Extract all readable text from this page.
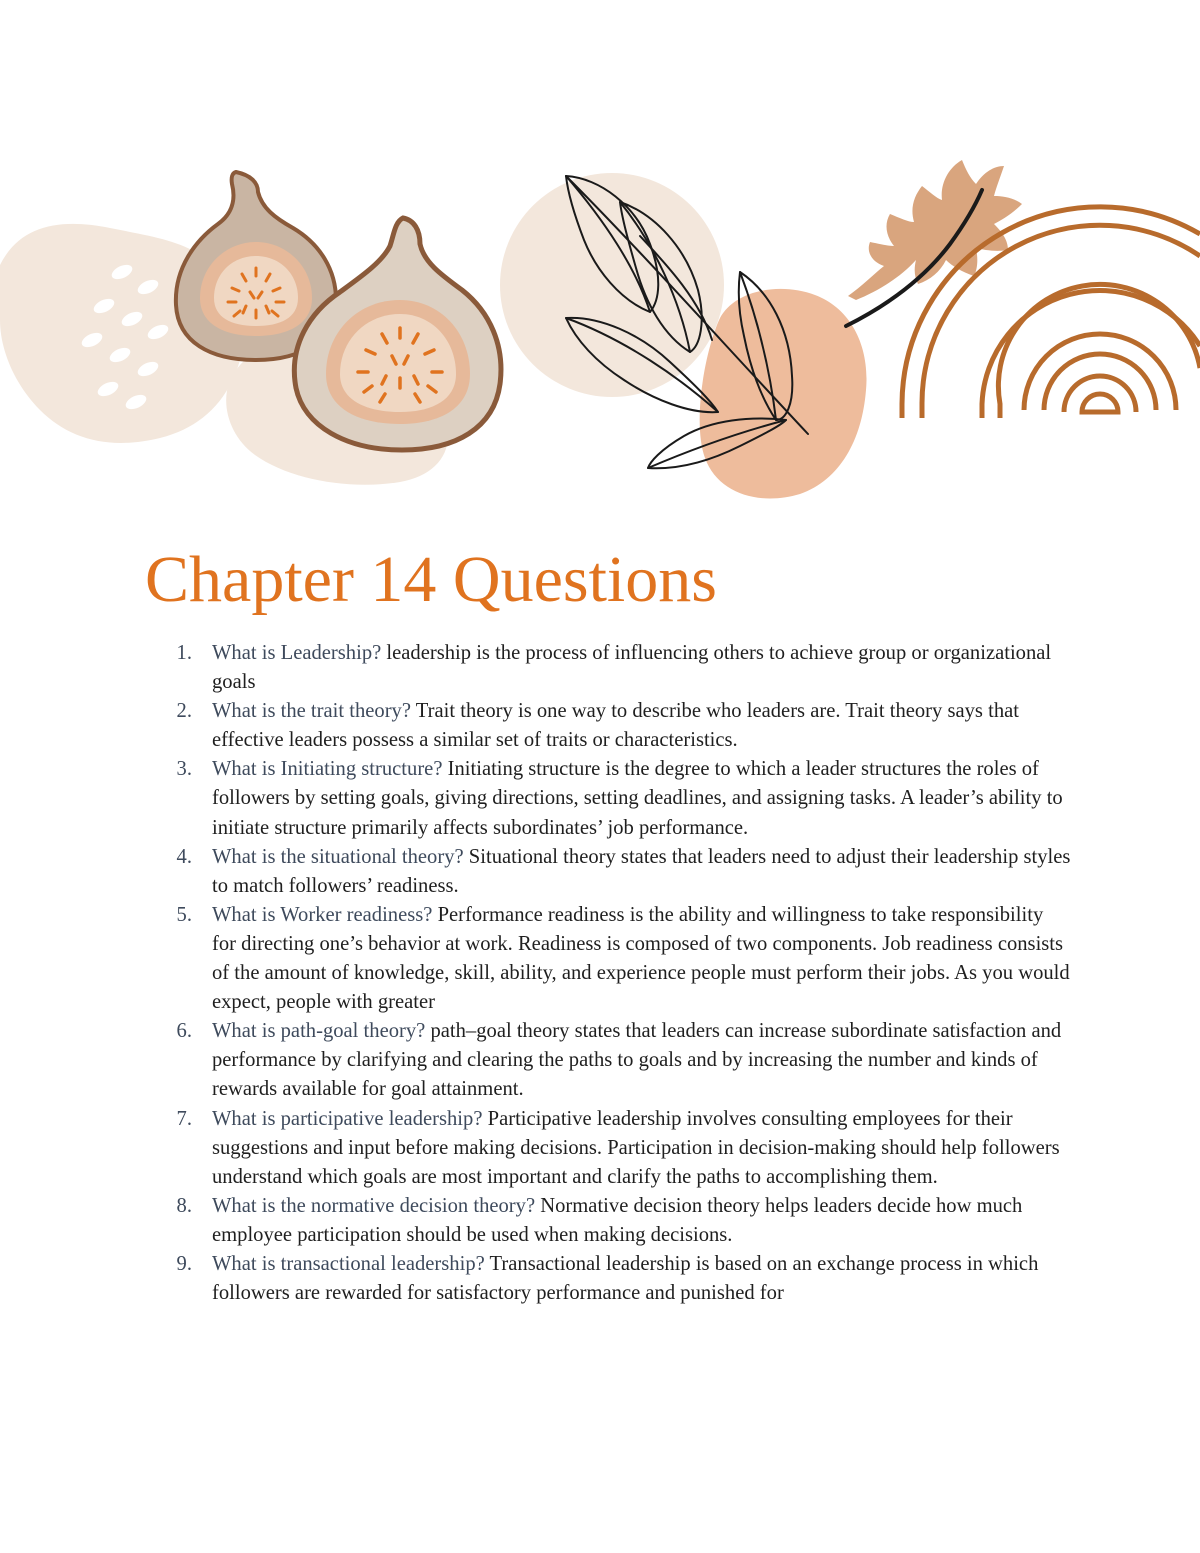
Chapter 14 Questions
1. What is Leadership? leadership is the process of influencing others to achieve group or organizational goals
2. What is the trait theory? Trait theory is one way to describe who leaders are. Trait theory says that effective leaders possess a similar set of traits or characteristics.
3. What is Initiating structure? Initiating structure is the degree to which a leader structures the roles of followers by setting goals, giving directions, setting deadlines, and assigning tasks. A leader’s ability to initiate structure primarily affects subordinates’ job performance.
4. What is the situational theory? Situational theory states that leaders need to adjust their leadership styles to match followers’ readiness.
5. What is Worker readiness? Performance readiness is the ability and willingness to take responsibility for directing one’s behavior at work. Readiness is composed of two components. Job readiness consists of the amount of knowledge, skill, ability, and experience people must perform their jobs. As you would expect, people with greater
6. What is path-goal theory? path–goal theory states that leaders can increase subordinate satisfaction and performance by clarifying and clearing the paths to goals and by increasing the number and kinds of rewards available for goal attainment.
7. What is participative leadership? Participative leadership involves consulting employees for their suggestions and input before making decisions. Participation in decision-making should help followers understand which goals are most important and clarify the paths to accomplishing them.
8. What is the normative decision theory? Normative decision theory helps leaders decide how much employee participation should be used when making decisions.
9. What is transactional leadership? Transactional leadership is based on an exchange process in which followers are rewarded for satisfactory performance and punished for
